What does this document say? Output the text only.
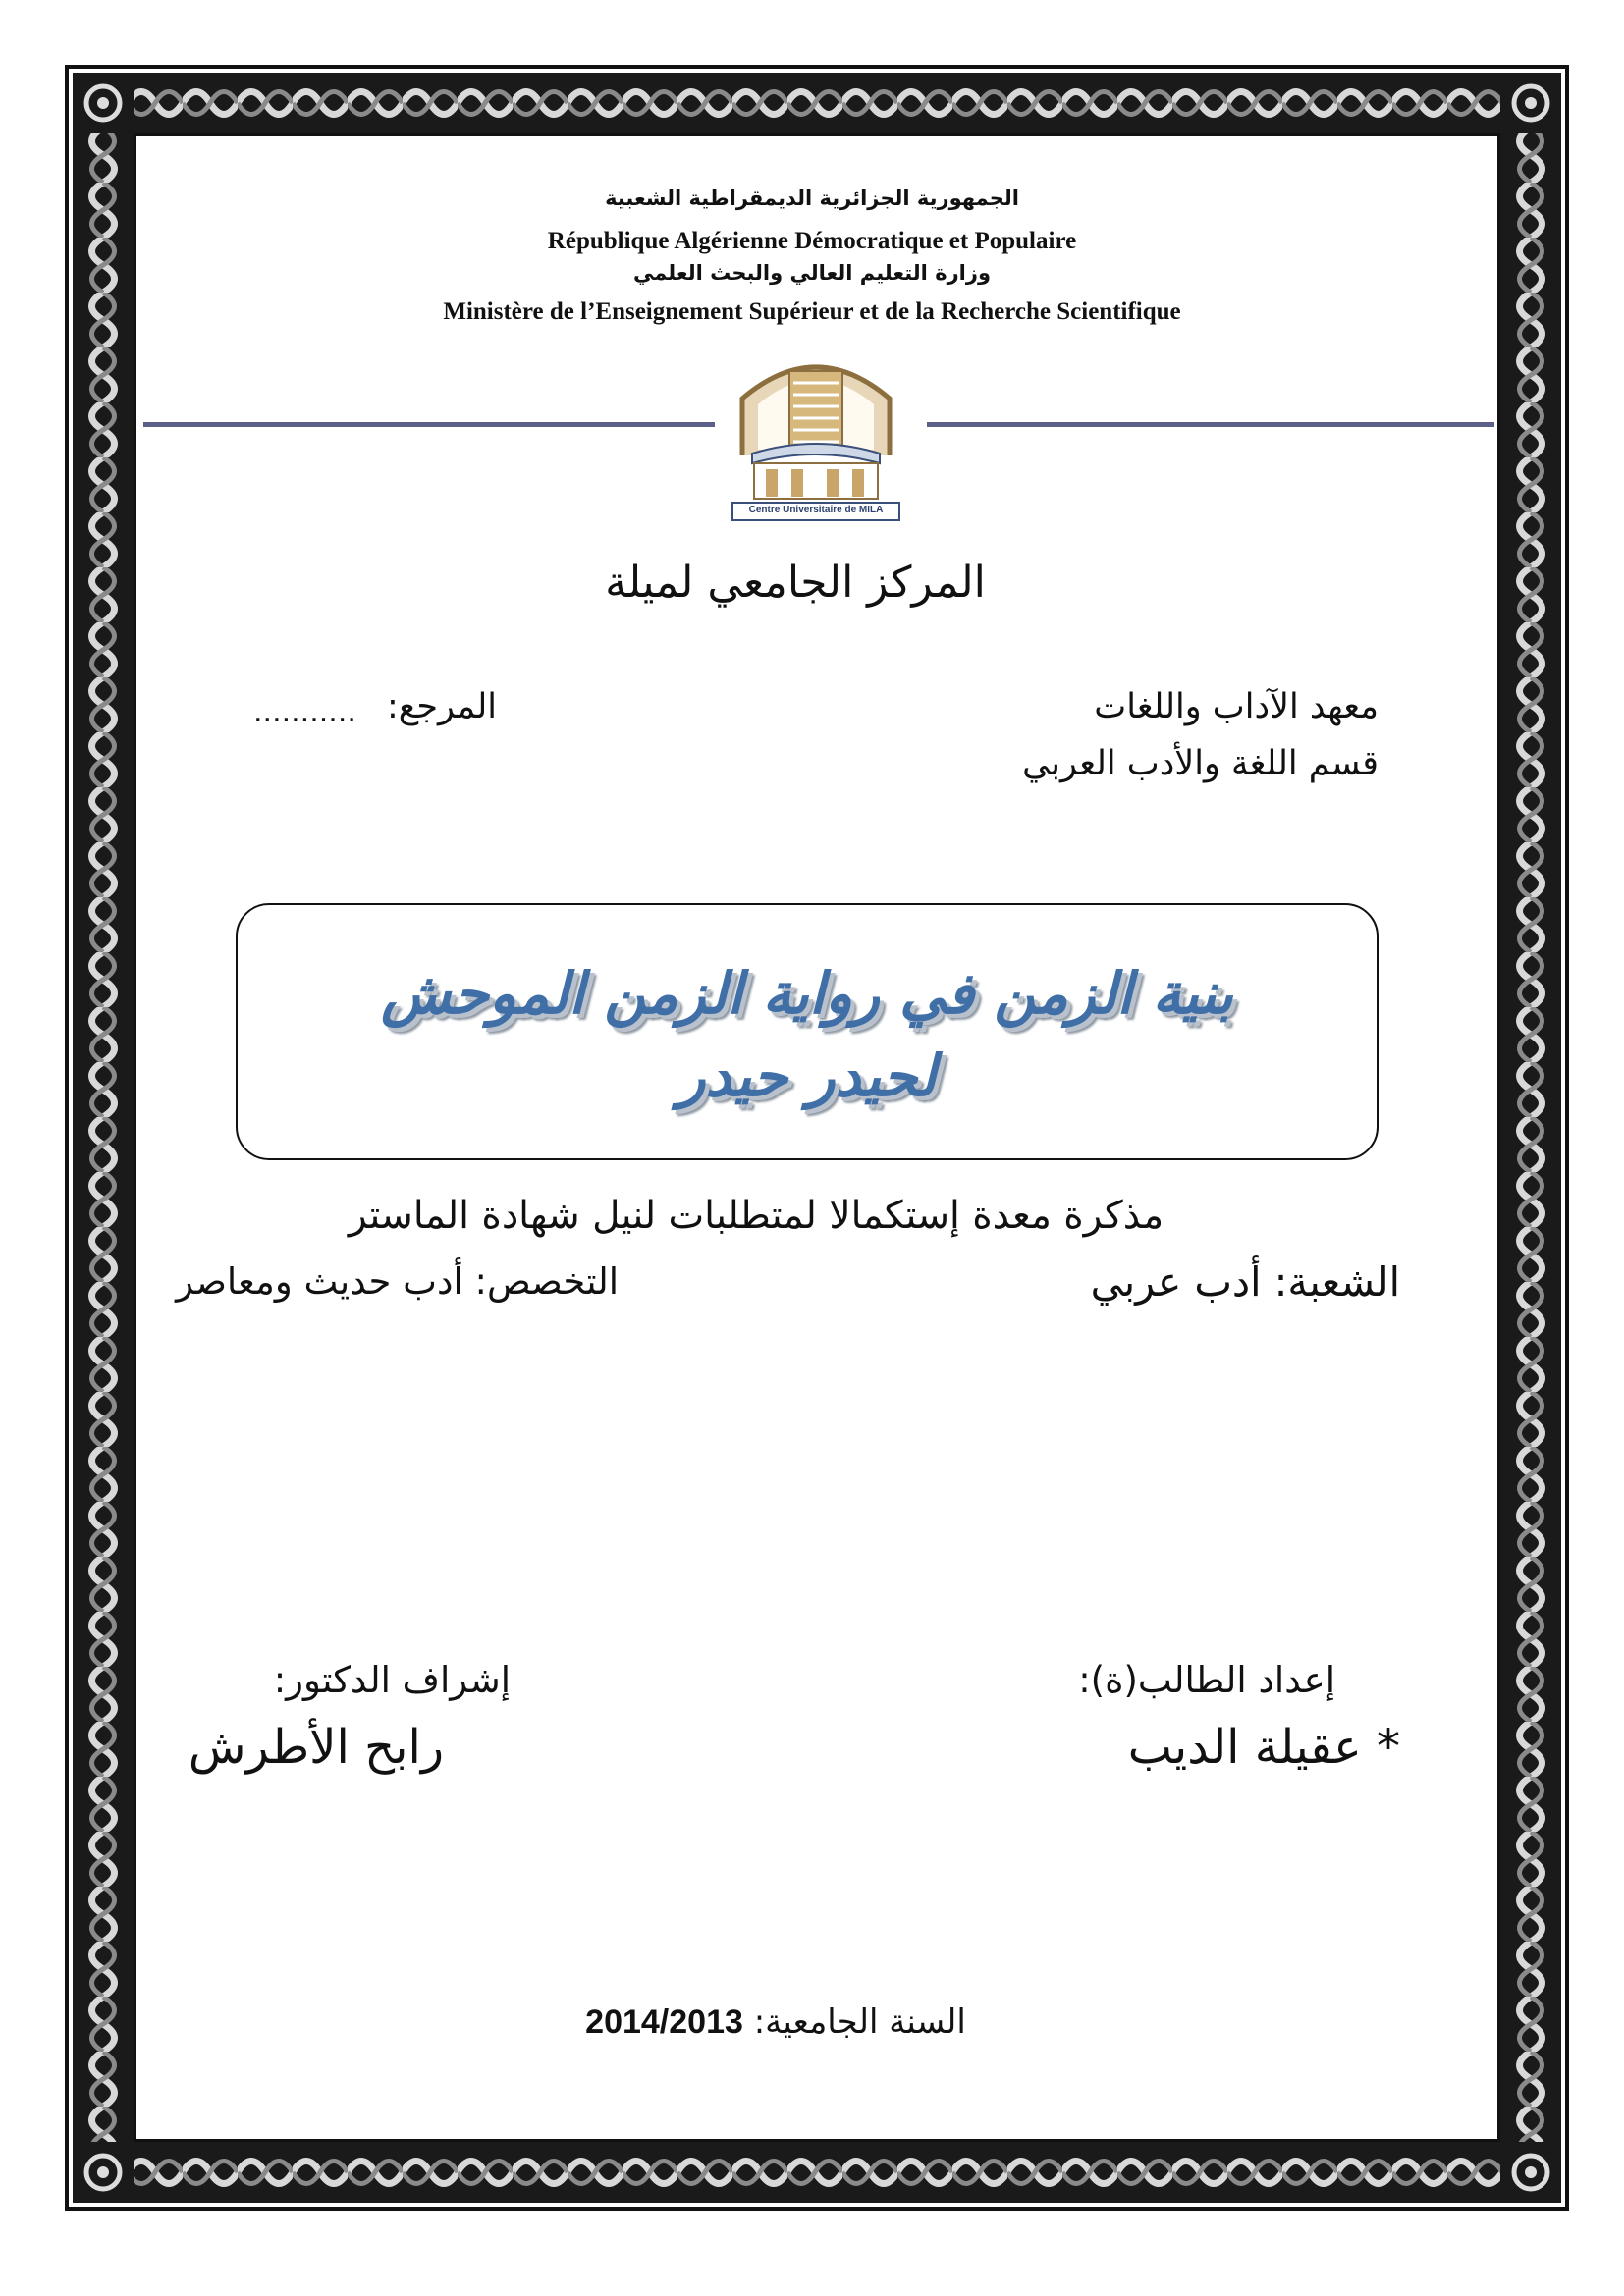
الجمهورية الجزائرية الديمقراطية الشعبية
République Algérienne Démocratique et Populaire
وزارة التعليم العالي والبحث العلمي
Ministère de l’Enseignement Supérieur et de la Recherche Scientifique
Centre Universitaire de MILA
المركز الجامعي لميلة
معهد الآداب واللغات
قسم اللغة والأدب العربي
المرجع:
...........
بنية الزمن في رواية الزمن الموحش
لحيدر حيدر
مذكرة معدة إستكمالا لمتطلبات لنيل شهادة الماستر
الشعبة: أدب عربي
التخصص: أدب حديث ومعاصر
إعداد الطالب(ة):
* عقيلة الديب
إشراف الدكتور:
رابح الأطرش
السنة الجامعية: 2014/2013
